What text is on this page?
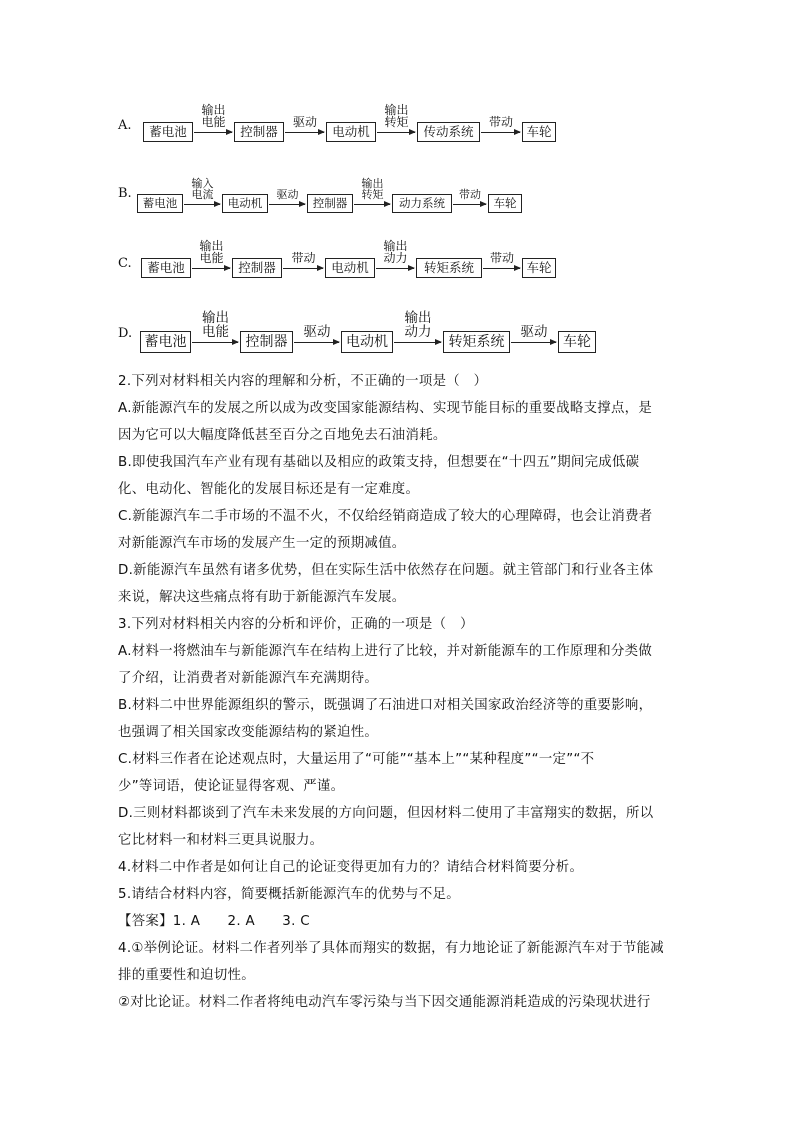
A.	蓄电池
输出
电能
控制器
驱动
电动机
输出
转矩
传动系统
带动
车轮
B.
蓄电池
输入
电流
电动机
驱动
控制器
输出
转矩
动力系统
带动
车轮
C.	蓄电池
输出
电能
控制器
带动
电动机
输出
动力
转矩系统
带动
车轮
D.
蓄电池
输出
电能
控制器
驱动
电动机
输出
动力
转矩系统
驱动
车轮

2.下列对材料相关内容的理解和分析，不正确的一项是（　）

A.新能源汽车的发展之所以成为改变国家能源结构、实现节能目标的重要战略支撑点，是

因为它可以大幅度降低甚至百分之百地免去石油消耗。

B.即使我国汽车产业有现有基础以及相应的政策支持，但想要在“十四五”期间完成低碳

化、电动化、智能化的发展目标还是有一定难度。

C.新能源汽车二手市场的不温不火，不仅给经销商造成了较大的心理障碍，也会让消费者

对新能源汽车市场的发展产生一定的预期减值。

D.新能源汽车虽然有诸多优势，但在实际生活中依然存在问题。就主管部门和行业各主体

来说，解决这些痛点将有助于新能源汽车发展。

3.下列对材料相关内容的分析和评价，正确的一项是（　）

A.材料一将燃油车与新能源汽车在结构上进行了比较，并对新能源车的工作原理和分类做

了介绍，让消费者对新能源汽车充满期待。

B.材料二中世界能源组织的警示，既强调了石油进口对相关国家政治经济等的重要影响，

也强调了相关国家改变能源结构的紧迫性。

C.材料三作者在论述观点时，大量运用了“可能”“基本上”“某种程度”“一定”“不

少”等词语，使论证显得客观、严谨。

D.三则材料都谈到了汽车未来发展的方向问题，但因材料二使用了丰富翔实的数据，所以

它比材料一和材料三更具说服力。

4.材料二中作者是如何让自己的论证变得更加有力的？请结合材料简要分析。

5.请结合材料内容，简要概括新能源汽车的优势与不足。

【答案】1. A　　2. A　　3. C

4.①举例论证。材料二作者列举了具体而翔实的数据，有力地论证了新能源汽车对于节能减

排的重要性和迫切性。

②对比论证。材料二作者将纯电动汽车零污染与当下因交通能源消耗造成的污染现状进行
